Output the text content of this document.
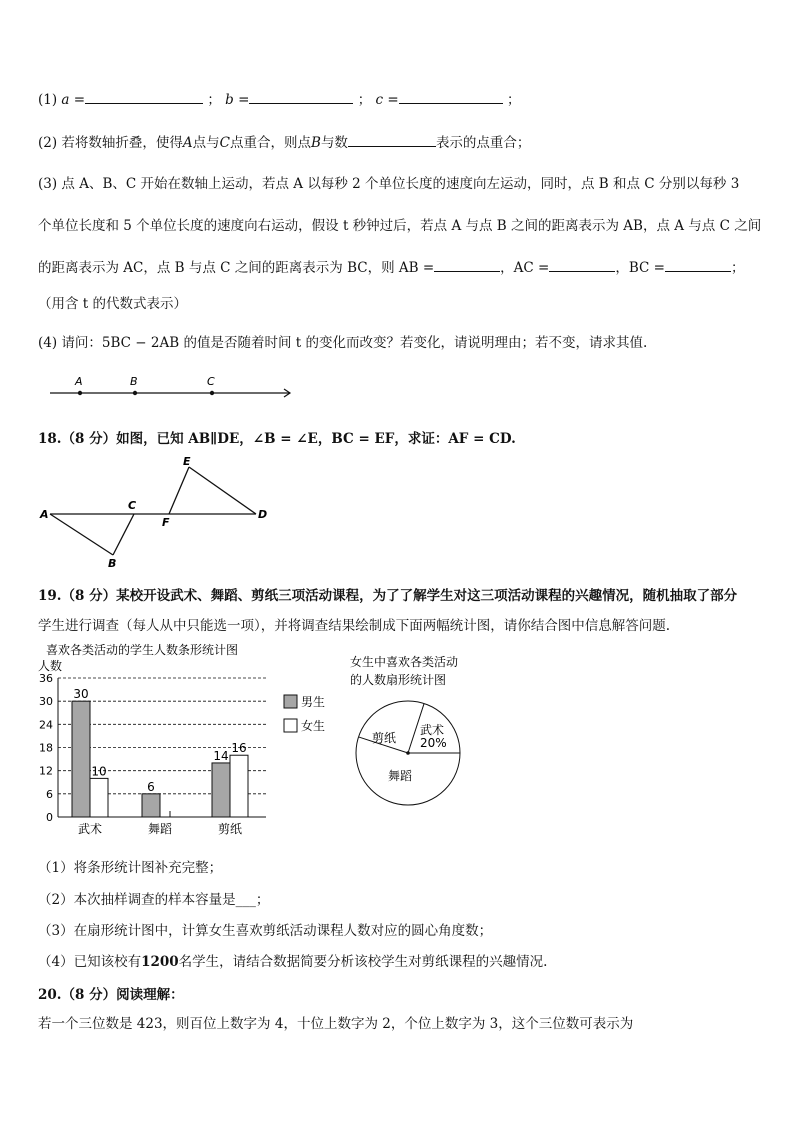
(1) a =	； b =	； c =	；
(2) 若将数轴折叠，使得A点与C点重合，则点B与数	表示的点重合；
(3) 点 A、B、C 开始在数轴上运动，若点 A 以每秒 2 个单位长度的速度向左运动，同时，点 B 和点 C 分别以每秒 3
个单位长度和 5 个单位长度的速度向右运动，假设 t 秒钟过后，若点 A 与点 B 之间的距离表示为 AB，点 A 与点 C 之间
的距离表示为 AC，点 B 与点 C 之间的距离表示为 BC，则 AB =	，AC =	，BC =	；
（用含 t 的代数式表示）
(4) 请问：5BC − 2AB 的值是否随着时间 t 的变化而改变？若变化，请说明理由；若不变，请求其值.
A	B	C
18.（8 分）如图，已知 AB∥DE，∠B = ∠E，BC = EF，求证：AF = CD.
A
B
C
D
E
F
19.（8 分）某校开设武术、舞蹈、剪纸三项活动课程，为了了解学生对这三项活动课程的兴趣情况，随机抽取了部分
学生进行调查（每人从中只能选一项），并将调查结果绘制成下面两幅统计图，请你结合图中信息解答问题.
喜欢各类活动的学生人数条形统计图
人数
0
6
12
18
24
30
36
30
10
6
14
16
武术	舞蹈	剪纸
男生
女生
女生中喜欢各类活动
的人数扇形统计图
武术
20%
剪纸
舞蹈
（1）将条形统计图补充完整；
（2）本次抽样调查的样本容量是___；
（3）在扇形统计图中，计算女生喜欢剪纸活动课程人数对应的圆心角度数；
（4）已知该校有1200名学生，请结合数据简要分析该校学生对剪纸课程的兴趣情况.
20.（8 分）阅读理解：
若一个三位数是 423，则百位上数字为 4，十位上数字为 2，个位上数字为 3，这个三位数可表示为
